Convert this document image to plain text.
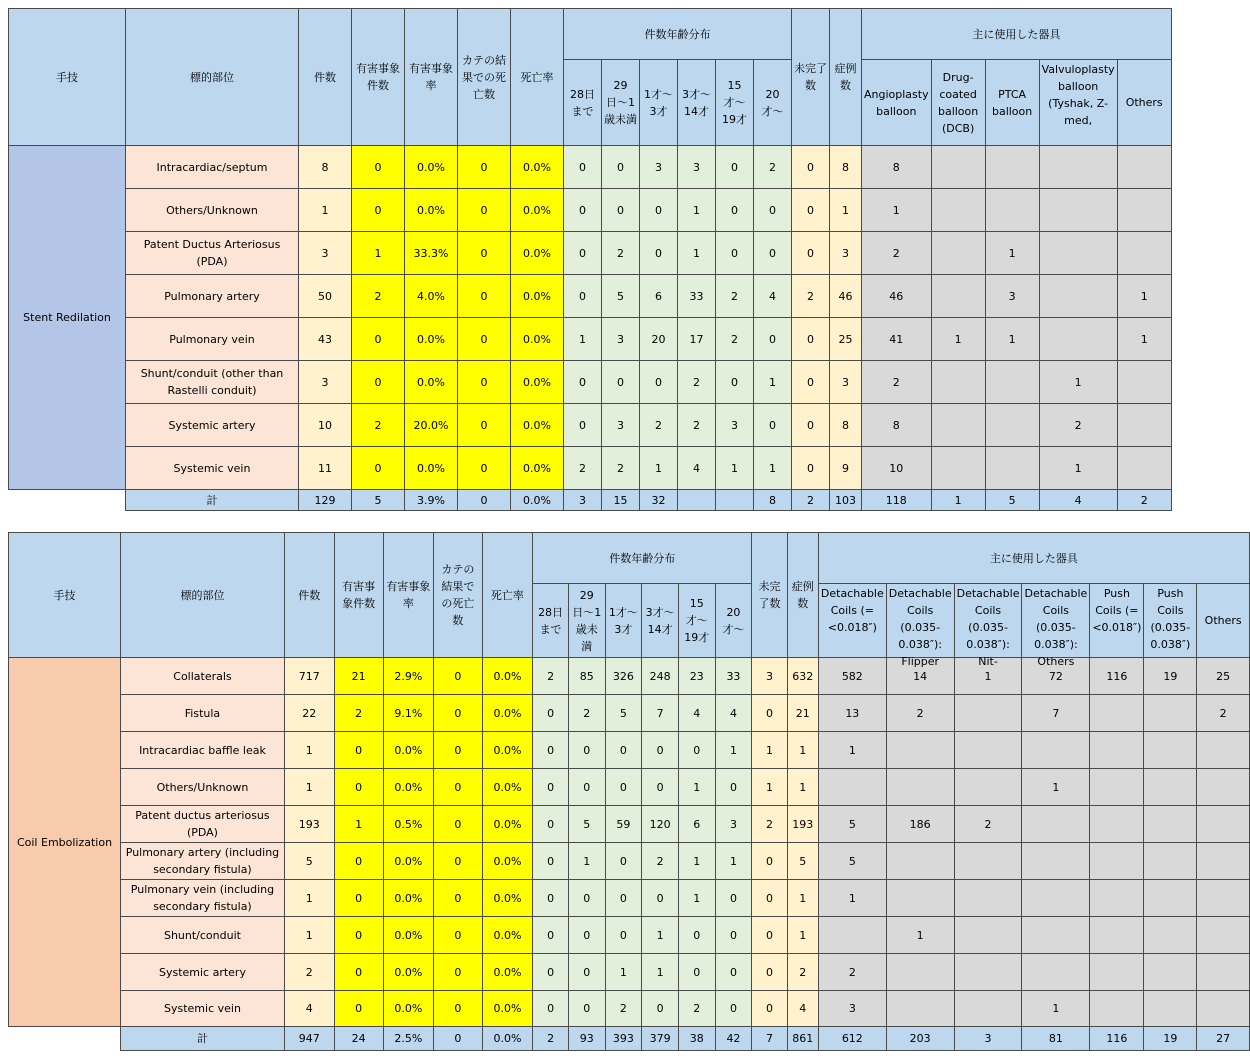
手技	標的部位	件数	有害事象件数	有害事象率	カテの結果での死亡数	死亡率	件数年齢分布						未完了数	症例数	主に使用した器具				
							28日まで	29日〜1歳未満	1才〜3才	3才〜14才	15才〜19才	20才〜			Angioplasty balloon	Drug-coated balloon (DCB)	PTCA balloon	Valvuloplasty balloon (Tyshak, Z-med,	Others
Stent Redilation	Intracardiac/septum	8	0	0.0%	0	0.0%	0	0	3	3	0	2	0	8	8				
	Others/Unknown	1	0	0.0%	0	0.0%	0	0	0	1	0	0	0	1	1				
	Patent Ductus Arteriosus (PDA)	3	1	33.3%	0	0.0%	0	2	0	1	0	0	0	3	2		1		
	Pulmonary artery	50	2	4.0%	0	0.0%	0	5	6	33	2	4	2	46	46		3		1
	Pulmonary vein	43	0	0.0%	0	0.0%	1	3	20	17	2	0	0	25	41	1	1		1
	Shunt/conduit (other than Rastelli conduit)	3	0	0.0%	0	0.0%	0	0	0	2	0	1	0	3	2			1	
	Systemic artery	10	2	20.0%	0	0.0%	0	3	2	2	3	0	0	8	8			2	
	Systemic vein	11	0	0.0%	0	0.0%	2	2	1	4	1	1	0	9	10			1	
	計	129	5	3.9%	0	0.0%	3	15	32			8	2	103	118	1	5	4	2
手技	標的部位	件数	有害事象件数	有害事象率	カテの結果での死亡数	死亡率	件数年齢分布						未完了数	症例数	主に使用した器具						
							28日まで	29日〜1歳未満	1才〜3才	3才〜14才	15才〜19才	20才〜			Detachable Coils (=<0.018″)	Detachable Coils (0.035-0.038″): Flipper	Detachable Coils (0.035-0.038″): Nit-	Detachable Coils (0.035-0.038″): Others	Push Coils (=<0.018″)	Push Coils (0.035-0.038″)	Others
Coil Embolization	Collaterals	717	21	2.9%	0	0.0%	2	85	326	248	23	33	3	632	582	14	1	72	116	19	25
	Fistula	22	2	9.1%	0	0.0%	0	2	5	7	4	4	0	21	13	2		7			2
	Intracardiac baffle leak	1	0	0.0%	0	0.0%	0	0	0	0	0	1	1	1	1						
	Others/Unknown	1	0	0.0%	0	0.0%	0	0	0	0	1	0	1	1				1			
	Patent ductus arteriosus (PDA)	193	1	0.5%	0	0.0%	0	5	59	120	6	3	2	193	5	186	2				
	Pulmonary artery (including secondary fistula)	5	0	0.0%	0	0.0%	0	1	0	2	1	1	0	5	5						
	Pulmonary vein (including secondary fistula)	1	0	0.0%	0	0.0%	0	0	0	0	1	0	0	1	1						
	Shunt/conduit	1	0	0.0%	0	0.0%	0	0	0	1	0	0	0	1		1					
	Systemic artery	2	0	0.0%	0	0.0%	0	0	1	1	0	0	0	2	2						
	Systemic vein	4	0	0.0%	0	0.0%	0	0	2	0	2	0	0	4	3			1			
	計	947	24	2.5%	0	0.0%	2	93	393	379	38	42	7	861	612	203	3	81	116	19	27
